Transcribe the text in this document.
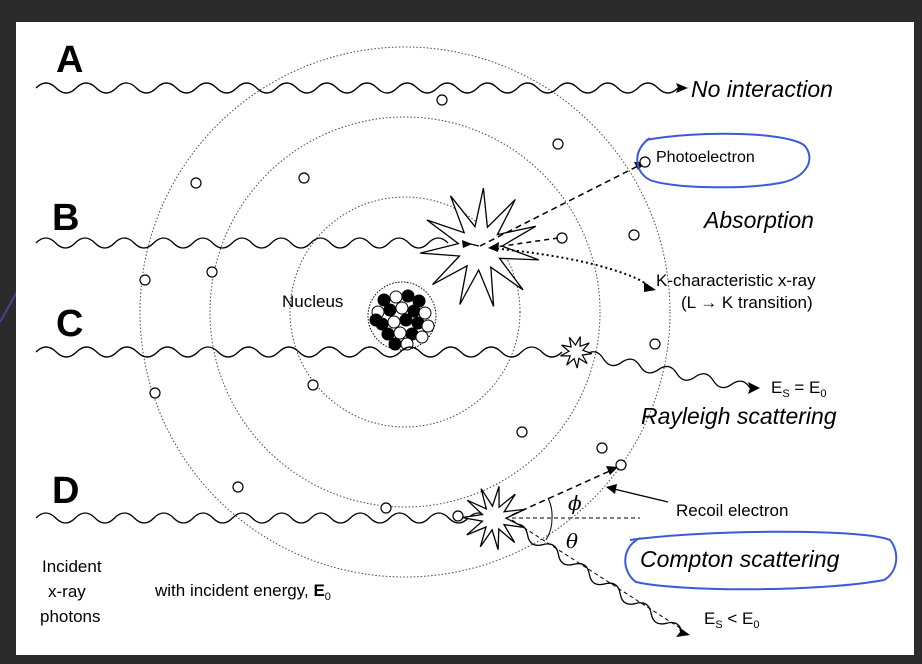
A
B
C
D
No interaction
Photoelectron
Absorption
K-characteristic x-ray
(L → K transition)
Nucleus
$E_S = E_0$
Rayleigh scattering
Recoil electron
ϕ
θ
Compton scattering
Incident
x-ray
photons
with incident energy, $E_0$
$E_S < E_0$
